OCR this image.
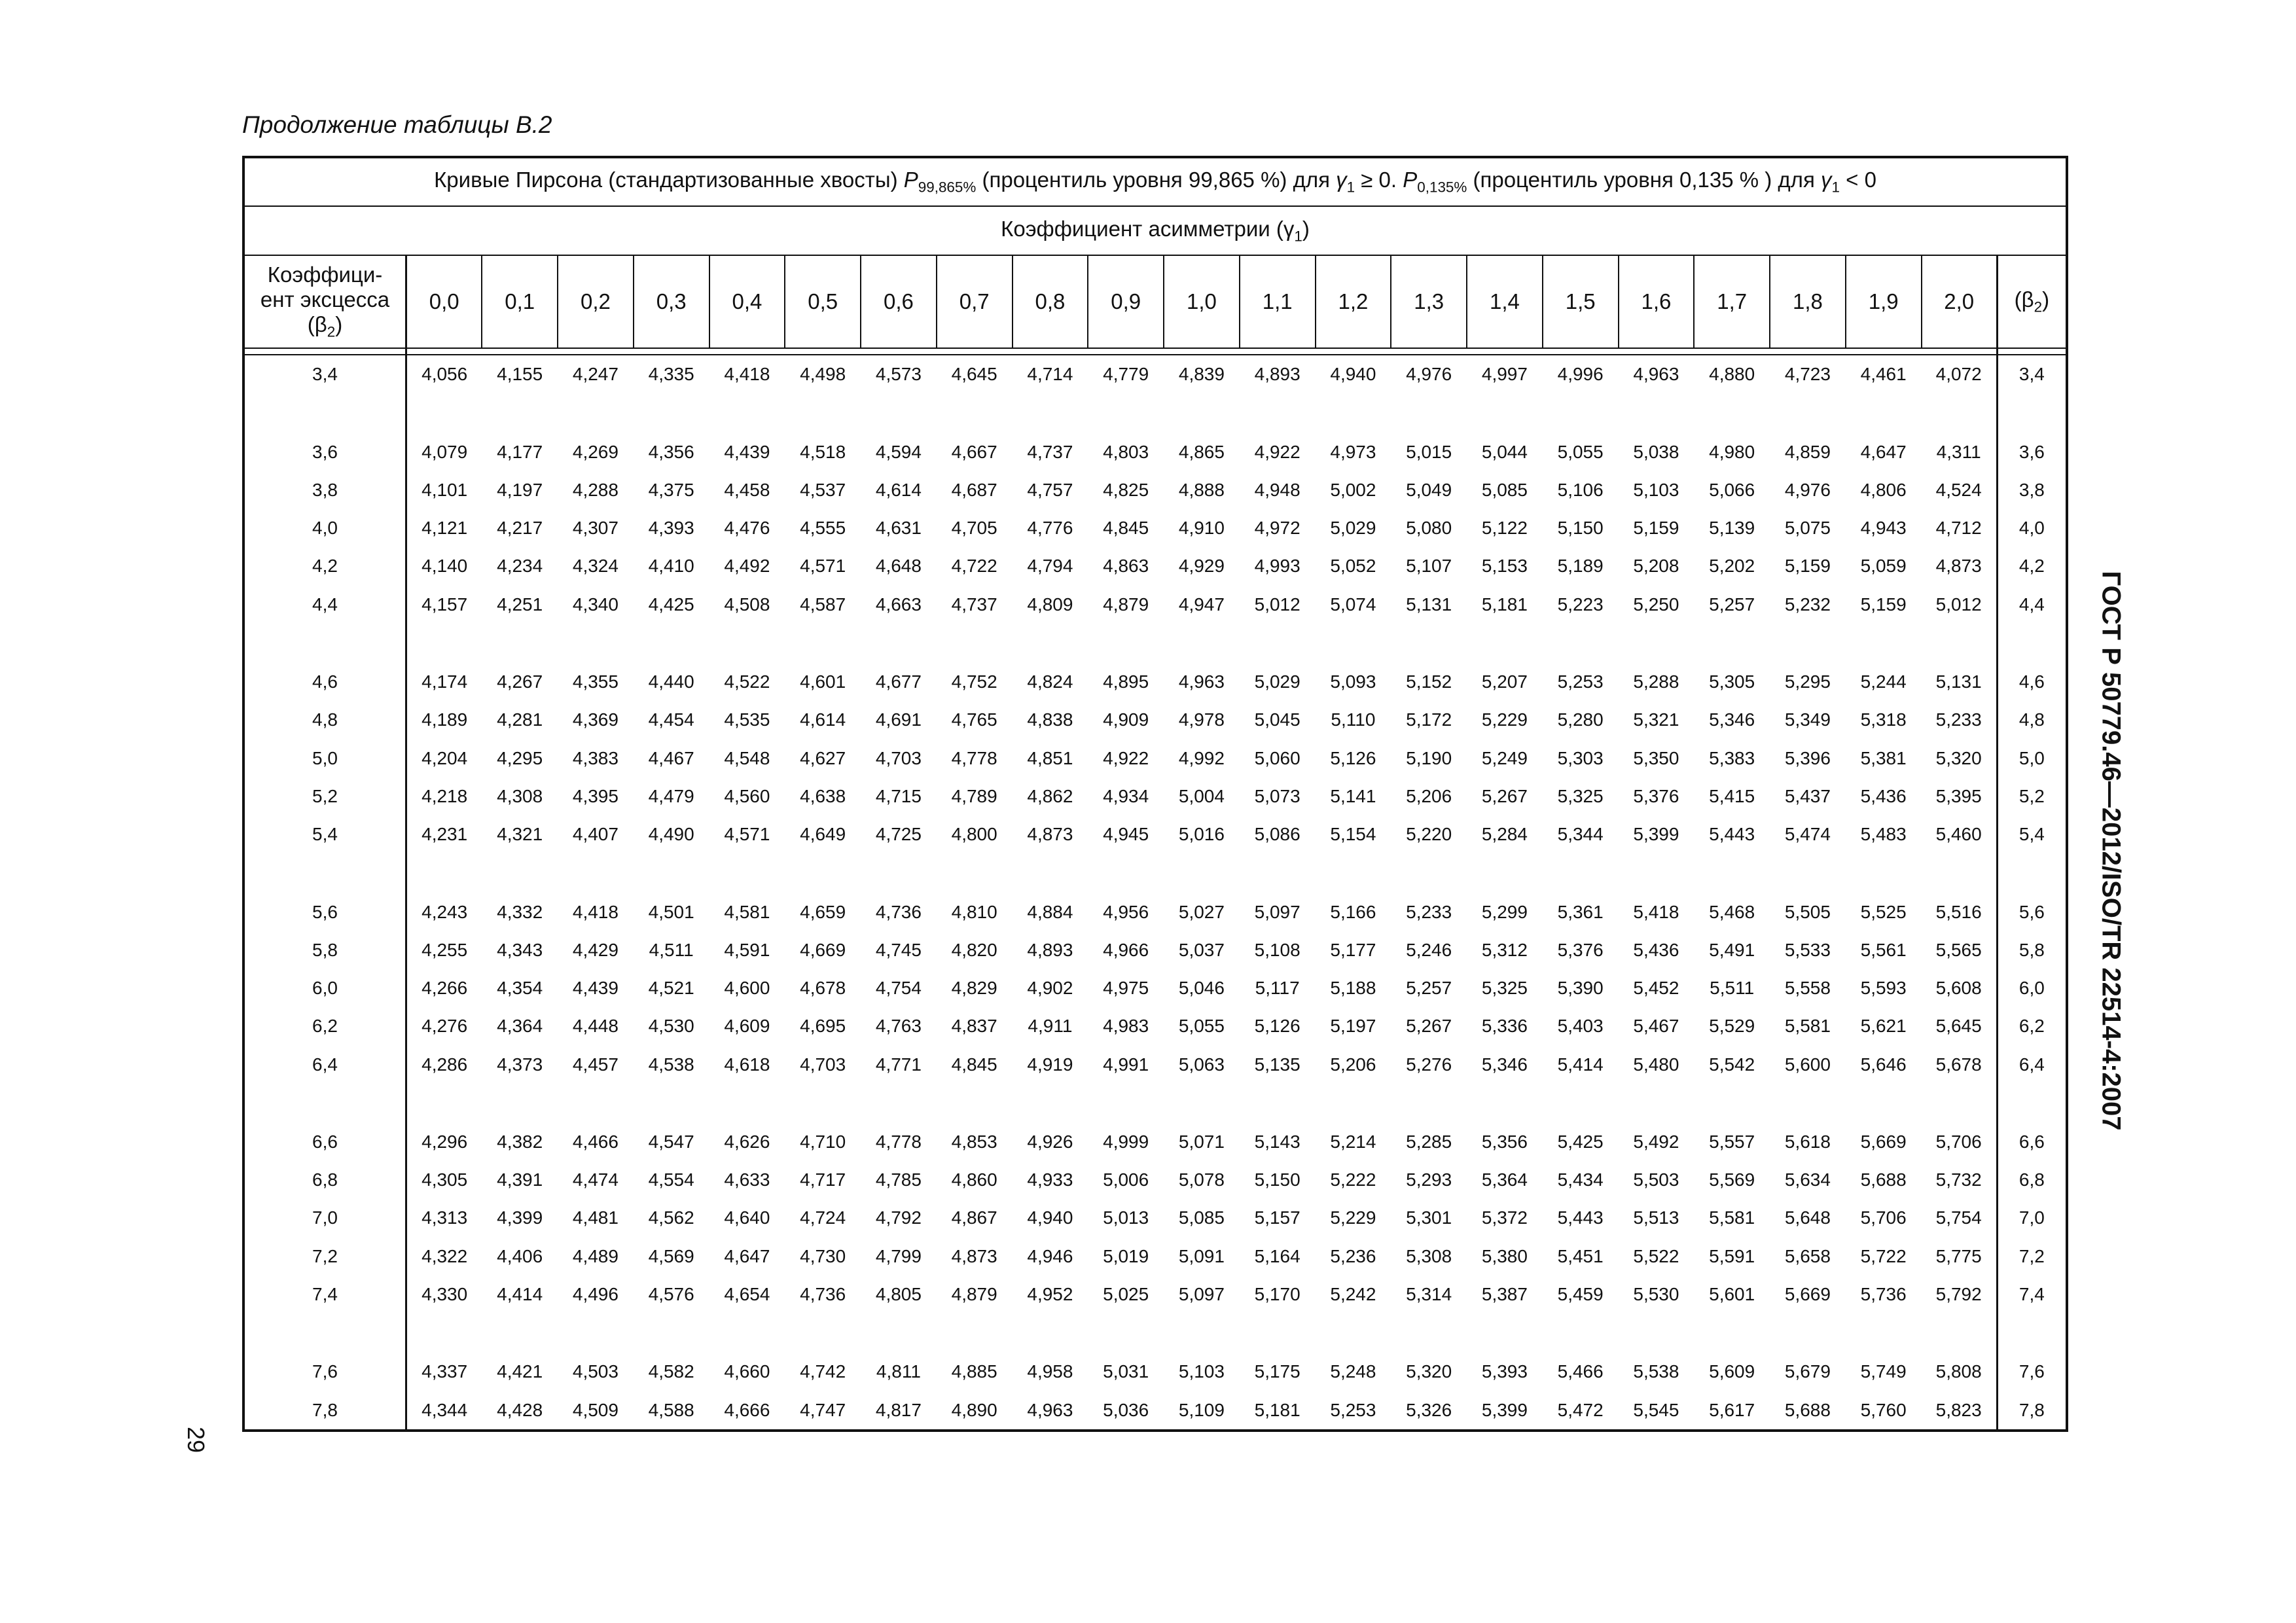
Продолжение таблицы В.2
Кривые Пирсона (стандартизованные хвосты) $P_{99,865\%}$ (процентиль уровня 99,865 %) для $\gamma_1 \ge 0$. $P_{0,135\%}$ (процентиль уровня 0,135 % ) для $\gamma_1 < 0$																						
Коэффициент асимметрии $(\gamma_1)$																						
Коэффици-
ент эксцесса
$(\beta_2)$	0,0	0,1	0,2	0,3	0,4	0,5	0,6	0,7	0,8	0,9	1,0	1,1	1,2	1,3	1,4	1,5	1,6	1,7	1,8	1,9	2,0	$(\beta_2)$

3,4	4,056	4,155	4,247	4,335	4,418	4,498	4,573	4,645	4,714	4,779	4,839	4,893	4,940	4,976	4,997	4,996	4,963	4,880	4,723	4,461	4,072	3,4

3,6	4,079	4,177	4,269	4,356	4,439	4,518	4,594	4,667	4,737	4,803	4,865	4,922	4,973	5,015	5,044	5,055	5,038	4,980	4,859	4,647	4,311	3,6
3,8	4,101	4,197	4,288	4,375	4,458	4,537	4,614	4,687	4,757	4,825	4,888	4,948	5,002	5,049	5,085	5,106	5,103	5,066	4,976	4,806	4,524	3,8
4,0	4,121	4,217	4,307	4,393	4,476	4,555	4,631	4,705	4,776	4,845	4,910	4,972	5,029	5,080	5,122	5,150	5,159	5,139	5,075	4,943	4,712	4,0
4,2	4,140	4,234	4,324	4,410	4,492	4,571	4,648	4,722	4,794	4,863	4,929	4,993	5,052	5,107	5,153	5,189	5,208	5,202	5,159	5,059	4,873	4,2
4,4	4,157	4,251	4,340	4,425	4,508	4,587	4,663	4,737	4,809	4,879	4,947	5,012	5,074	5,131	5,181	5,223	5,250	5,257	5,232	5,159	5,012	4,4

4,6	4,174	4,267	4,355	4,440	4,522	4,601	4,677	4,752	4,824	4,895	4,963	5,029	5,093	5,152	5,207	5,253	5,288	5,305	5,295	5,244	5,131	4,6
4,8	4,189	4,281	4,369	4,454	4,535	4,614	4,691	4,765	4,838	4,909	4,978	5,045	5,110	5,172	5,229	5,280	5,321	5,346	5,349	5,318	5,233	4,8
5,0	4,204	4,295	4,383	4,467	4,548	4,627	4,703	4,778	4,851	4,922	4,992	5,060	5,126	5,190	5,249	5,303	5,350	5,383	5,396	5,381	5,320	5,0
5,2	4,218	4,308	4,395	4,479	4,560	4,638	4,715	4,789	4,862	4,934	5,004	5,073	5,141	5,206	5,267	5,325	5,376	5,415	5,437	5,436	5,395	5,2
5,4	4,231	4,321	4,407	4,490	4,571	4,649	4,725	4,800	4,873	4,945	5,016	5,086	5,154	5,220	5,284	5,344	5,399	5,443	5,474	5,483	5,460	5,4

5,6	4,243	4,332	4,418	4,501	4,581	4,659	4,736	4,810	4,884	4,956	5,027	5,097	5,166	5,233	5,299	5,361	5,418	5,468	5,505	5,525	5,516	5,6
5,8	4,255	4,343	4,429	4,511	4,591	4,669	4,745	4,820	4,893	4,966	5,037	5,108	5,177	5,246	5,312	5,376	5,436	5,491	5,533	5,561	5,565	5,8
6,0	4,266	4,354	4,439	4,521	4,600	4,678	4,754	4,829	4,902	4,975	5,046	5,117	5,188	5,257	5,325	5,390	5,452	5,511	5,558	5,593	5,608	6,0
6,2	4,276	4,364	4,448	4,530	4,609	4,695	4,763	4,837	4,911	4,983	5,055	5,126	5,197	5,267	5,336	5,403	5,467	5,529	5,581	5,621	5,645	6,2
6,4	4,286	4,373	4,457	4,538	4,618	4,703	4,771	4,845	4,919	4,991	5,063	5,135	5,206	5,276	5,346	5,414	5,480	5,542	5,600	5,646	5,678	6,4

6,6	4,296	4,382	4,466	4,547	4,626	4,710	4,778	4,853	4,926	4,999	5,071	5,143	5,214	5,285	5,356	5,425	5,492	5,557	5,618	5,669	5,706	6,6
6,8	4,305	4,391	4,474	4,554	4,633	4,717	4,785	4,860	4,933	5,006	5,078	5,150	5,222	5,293	5,364	5,434	5,503	5,569	5,634	5,688	5,732	6,8
7,0	4,313	4,399	4,481	4,562	4,640	4,724	4,792	4,867	4,940	5,013	5,085	5,157	5,229	5,301	5,372	5,443	5,513	5,581	5,648	5,706	5,754	7,0
7,2	4,322	4,406	4,489	4,569	4,647	4,730	4,799	4,873	4,946	5,019	5,091	5,164	5,236	5,308	5,380	5,451	5,522	5,591	5,658	5,722	5,775	7,2
7,4	4,330	4,414	4,496	4,576	4,654	4,736	4,805	4,879	4,952	5,025	5,097	5,170	5,242	5,314	5,387	5,459	5,530	5,601	5,669	5,736	5,792	7,4

7,6	4,337	4,421	4,503	4,582	4,660	4,742	4,811	4,885	4,958	5,031	5,103	5,175	5,248	5,320	5,393	5,466	5,538	5,609	5,679	5,749	5,808	7,6
7,8	4,344	4,428	4,509	4,588	4,666	4,747	4,817	4,890	4,963	5,036	5,109	5,181	5,253	5,326	5,399	5,472	5,545	5,617	5,688	5,760	5,823	7,8
ГОСТ Р 50779.46—2012/ISO/TR 22514-4:2007
29
